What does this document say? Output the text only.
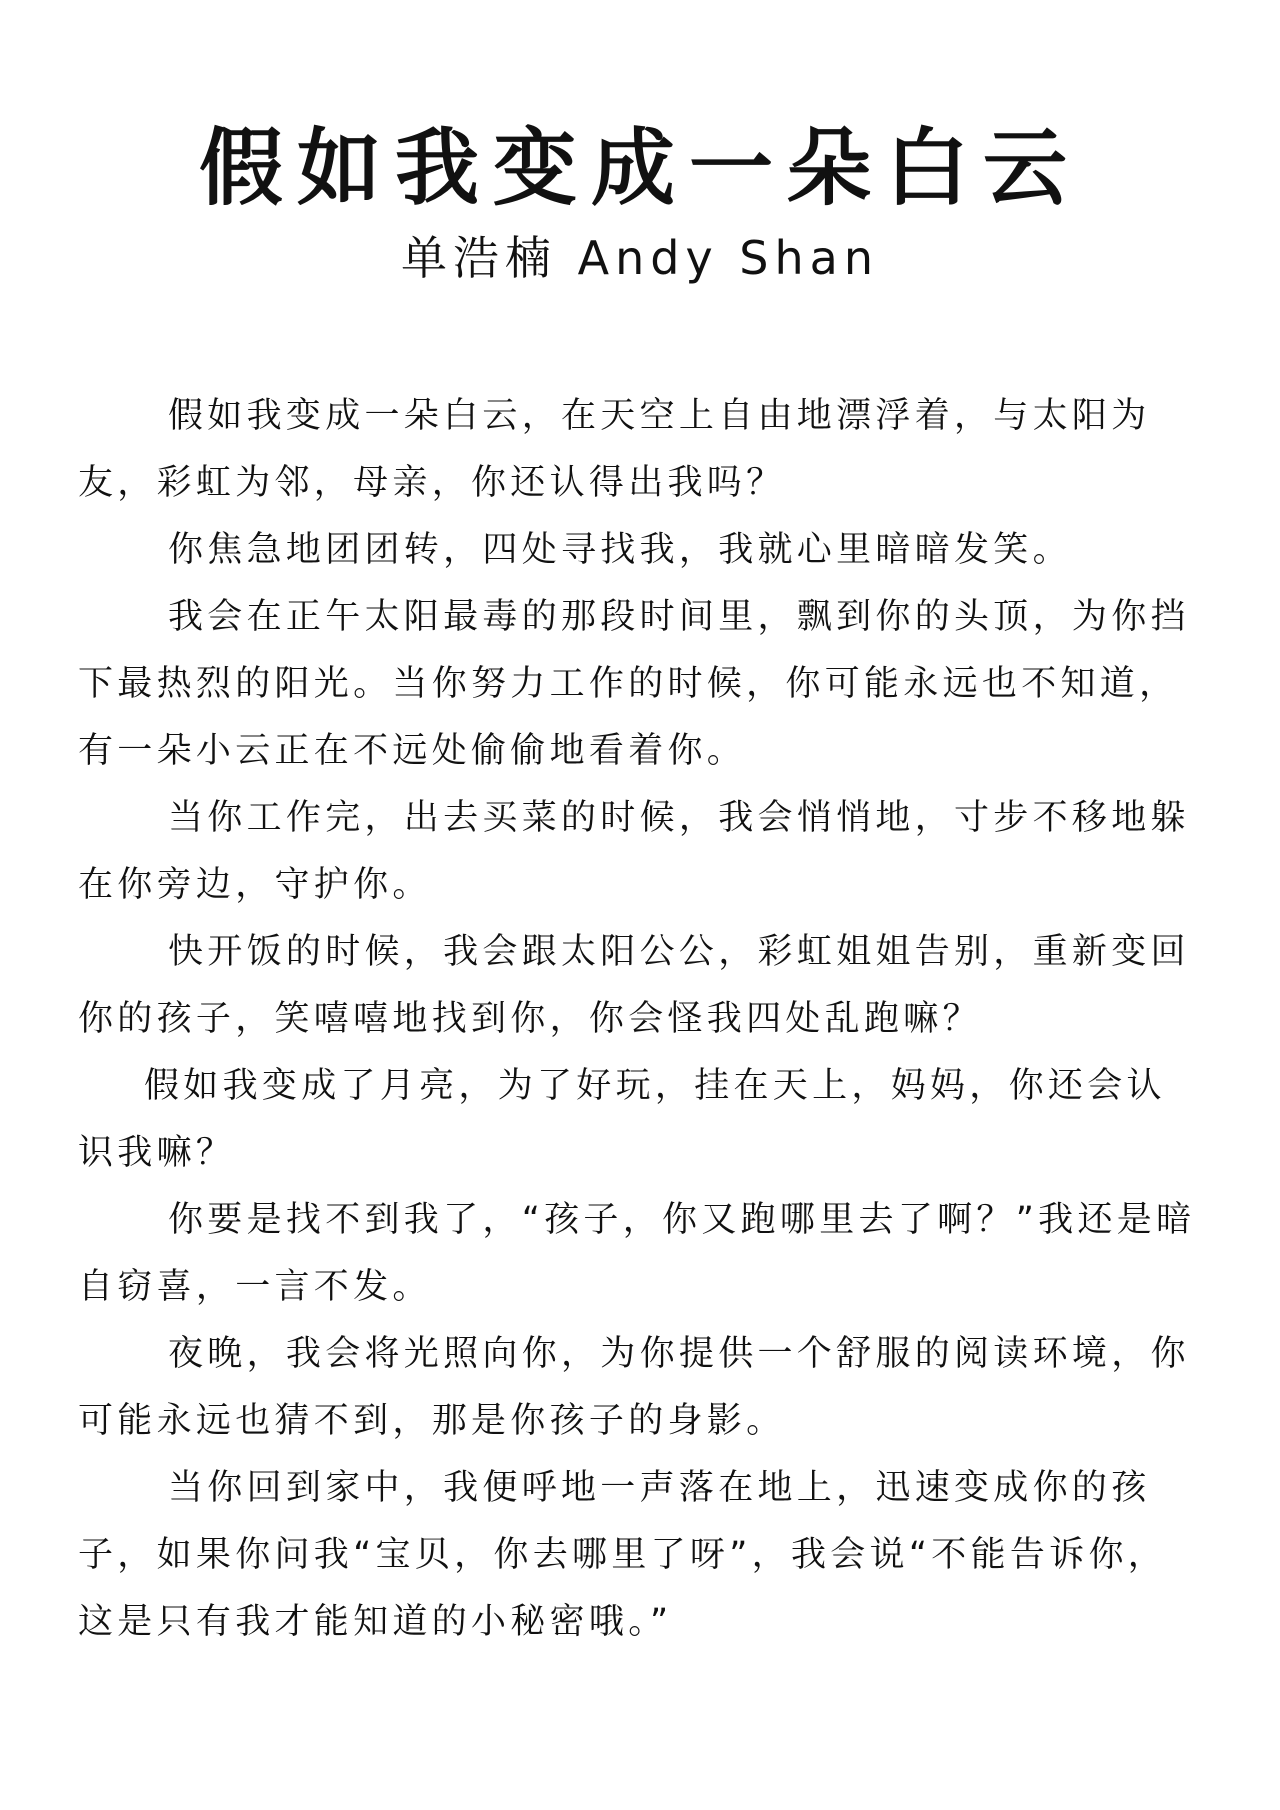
假如我变成一朵白云
单浩楠 Andy Shan

假如我变成一朵白云，在天空上自由地漂浮着，与太阳为友，彩虹为邻，母亲，你还认得出我吗？

你焦急地团团转，四处寻找我，我就心里暗暗发笑。

我会在正午太阳最毒的那段时间里，飘到你的头顶，为你挡下最热烈的阳光。当你努力工作的时候，你可能永远也不知道，有一朵小云正在不远处偷偷地看着你。

当你工作完，出去买菜的时候，我会悄悄地，寸步不移地躲在你旁边，守护你。

快开饭的时候，我会跟太阳公公，彩虹姐姐告别，重新变回你的孩子，笑嘻嘻地找到你，你会怪我四处乱跑嘛？

假如我变成了月亮，为了好玩，挂在天上，妈妈，你还会认识我嘛？

你要是找不到我了，“孩子，你又跑哪里去了啊？”我还是暗自窃喜，一言不发。

夜晚，我会将光照向你，为你提供一个舒服的阅读环境，你可能永远也猜不到，那是你孩子的身影。

当你回到家中，我便呼地一声落在地上，迅速变成你的孩子，如果你问我“宝贝，你去哪里了呀”，我会说“不能告诉你，这是只有我才能知道的小秘密哦。”
